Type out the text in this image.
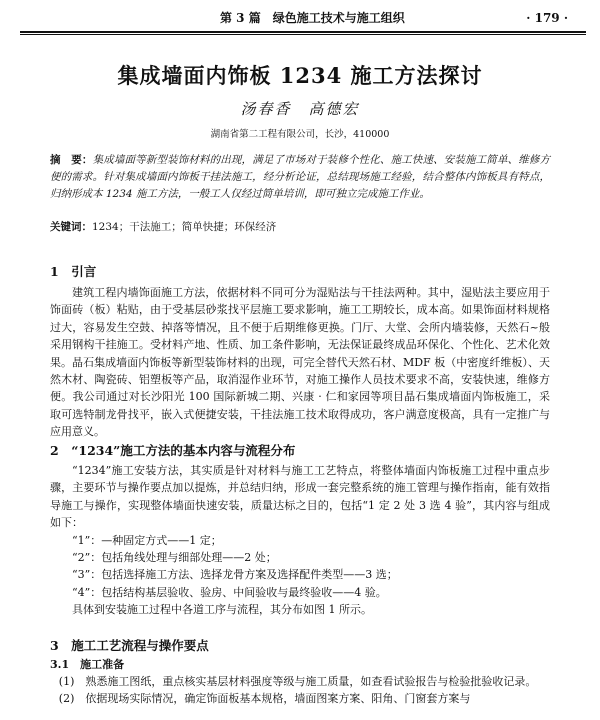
第 3 篇　绿色施工技术与施工组织	· 179 ·
集成墙面内饰板 1234 施工方法探讨
汤春香　高德宏
湖南省第二工程有限公司，长沙，410000
摘　要：集成墙面等新型装饰材料的出现，满足了市场对于装修个性化、施工快速、安装施工简单、维修方便的需求。针对集成墙面内饰板干挂法施工，经分析论证，总结现场施工经验，结合整体内饰板具有特点，归纳形成本 1234 施工方法，一般工人仅经过简单培训，即可独立完成施工作业。
关键词：1234；干法施工；简单快捷；环保经济
1　引言

建筑工程内墙饰面施工方法，依据材料不同可分为湿贴法与干挂法两种。其中，湿贴法主要应用于饰面砖（板）粘贴，由于受基层砂浆找平层施工要求影响，施工工期较长，成本高。如果饰面材料规格过大，容易发生空鼓、掉落等情况，且不便于后期维修更换。门厅、大堂、会所内墙装修，天然石~般采用钢构干挂施工。受材料产地、性质、加工条件影响，无法保证最终成品环保化、个性化、艺术化效果。晶石集成墙面内饰板等新型装饰材料的出现，可完全替代天然石材、MDF 板（中密度纤维板）、天然木材、陶瓷砖、铝塑板等产品，取消湿作业环节，对施工操作人员技术要求不高，安装快速，维修方便。我公司通过对长沙阳光 100 国际新城二期、兴康 · 仁和家园等项目晶石集成墙面内饰板施工，采取可选特制龙骨找平，嵌入式便捷安装，干挂法施工技术取得成功，客户满意度极高，具有一定推广与应用意义。

2　“1234”施工方法的基本内容与流程分布

“1234”施工安装方法，其实质是针对材料与施工工艺特点，将整体墙面内饰板施工过程中重点步骤，主要环节与操作要点加以提炼，并总结归纳，形成一套完整系统的施工管理与操作指南，能有效指导施工与操作，实现整体墙面快速安装，质量达标之目的，包括“1 定 2 处 3 选 4 验”，其内容与组成如下：

“1”：—种固定方式——1 定；

“2”：包括角线处理与细部处理——2 处；

“3”：包括选择施工方法、选择龙骨方案及选择配件类型——3 选；

“4”：包括结构基层验收、验房、中间验收与最终验收——4 验。

具体到安装施工过程中各道工序与流程，其分布如图 1 所示。

3　施工工艺流程与操作要点
3.1　施工准备

(1)　熟悉施工图纸，重点核实基层材料强度等级与施工质量，如查看试验报告与检验批验收记录。

(2)　依据现场实际情况，确定饰面板基本规格，墙面图案方案、阳角、门窗套方案与
